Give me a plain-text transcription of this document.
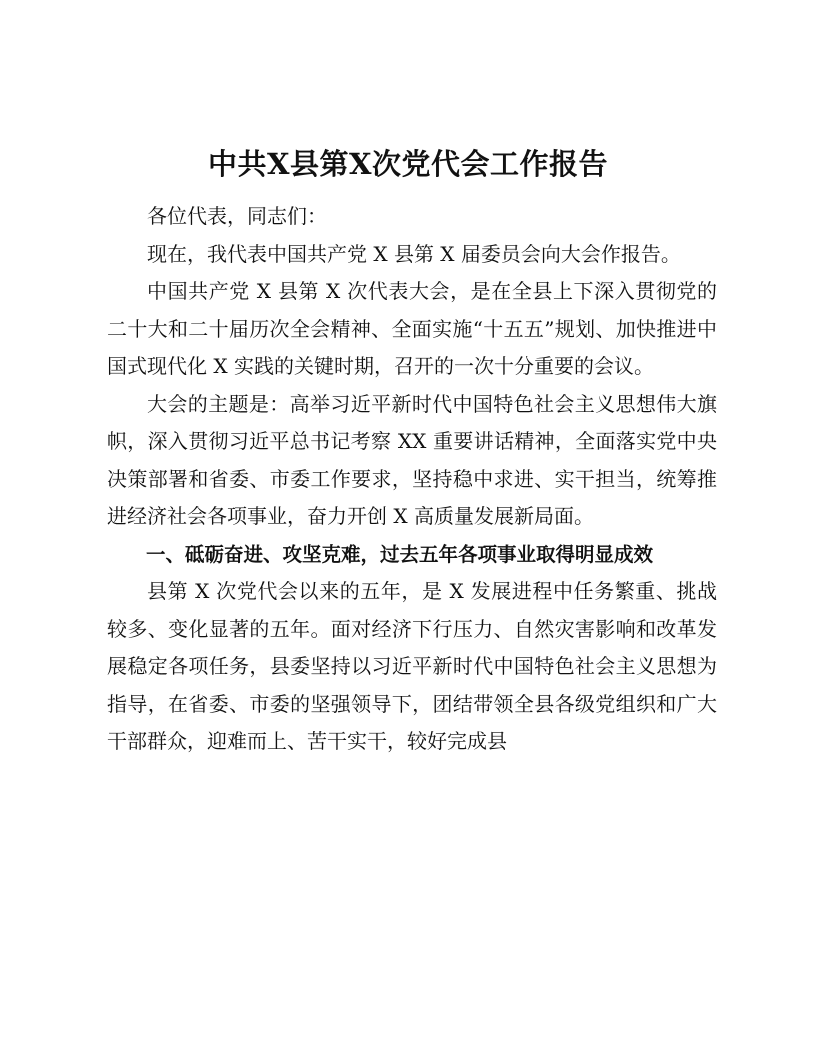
中共X县第X次党代会工作报告

各位代表，同志们：

现在，我代表中国共产党 X 县第 X 届委员会向大会作报告。

中国共产党 X 县第 X 次代表大会，是在全县上下深入贯彻党的二十大和二十届历次全会精神、全面实施“十五五”规划、加快推进中国式现代化 X 实践的关键时期，召开的一次十分重要的会议。

大会的主题是：高举习近平新时代中国特色社会主义思想伟大旗帜，深入贯彻习近平总书记考察 XX 重要讲话精神，全面落实党中央决策部署和省委、市委工作要求，坚持稳中求进、实干担当，统筹推进经济社会各项事业，奋力开创 X 高质量发展新局面。

一、砥砺奋进、攻坚克难，过去五年各项事业取得明显成效

县第 X 次党代会以来的五年，是 X 发展进程中任务繁重、挑战较多、变化显著的五年。面对经济下行压力、自然灾害影响和改革发展稳定各项任务，县委坚持以习近平新时代中国特色社会主义思想为指导，在省委、市委的坚强领导下，团结带领全县各级党组织和广大干部群众，迎难而上、苦干实干，较好完成县
